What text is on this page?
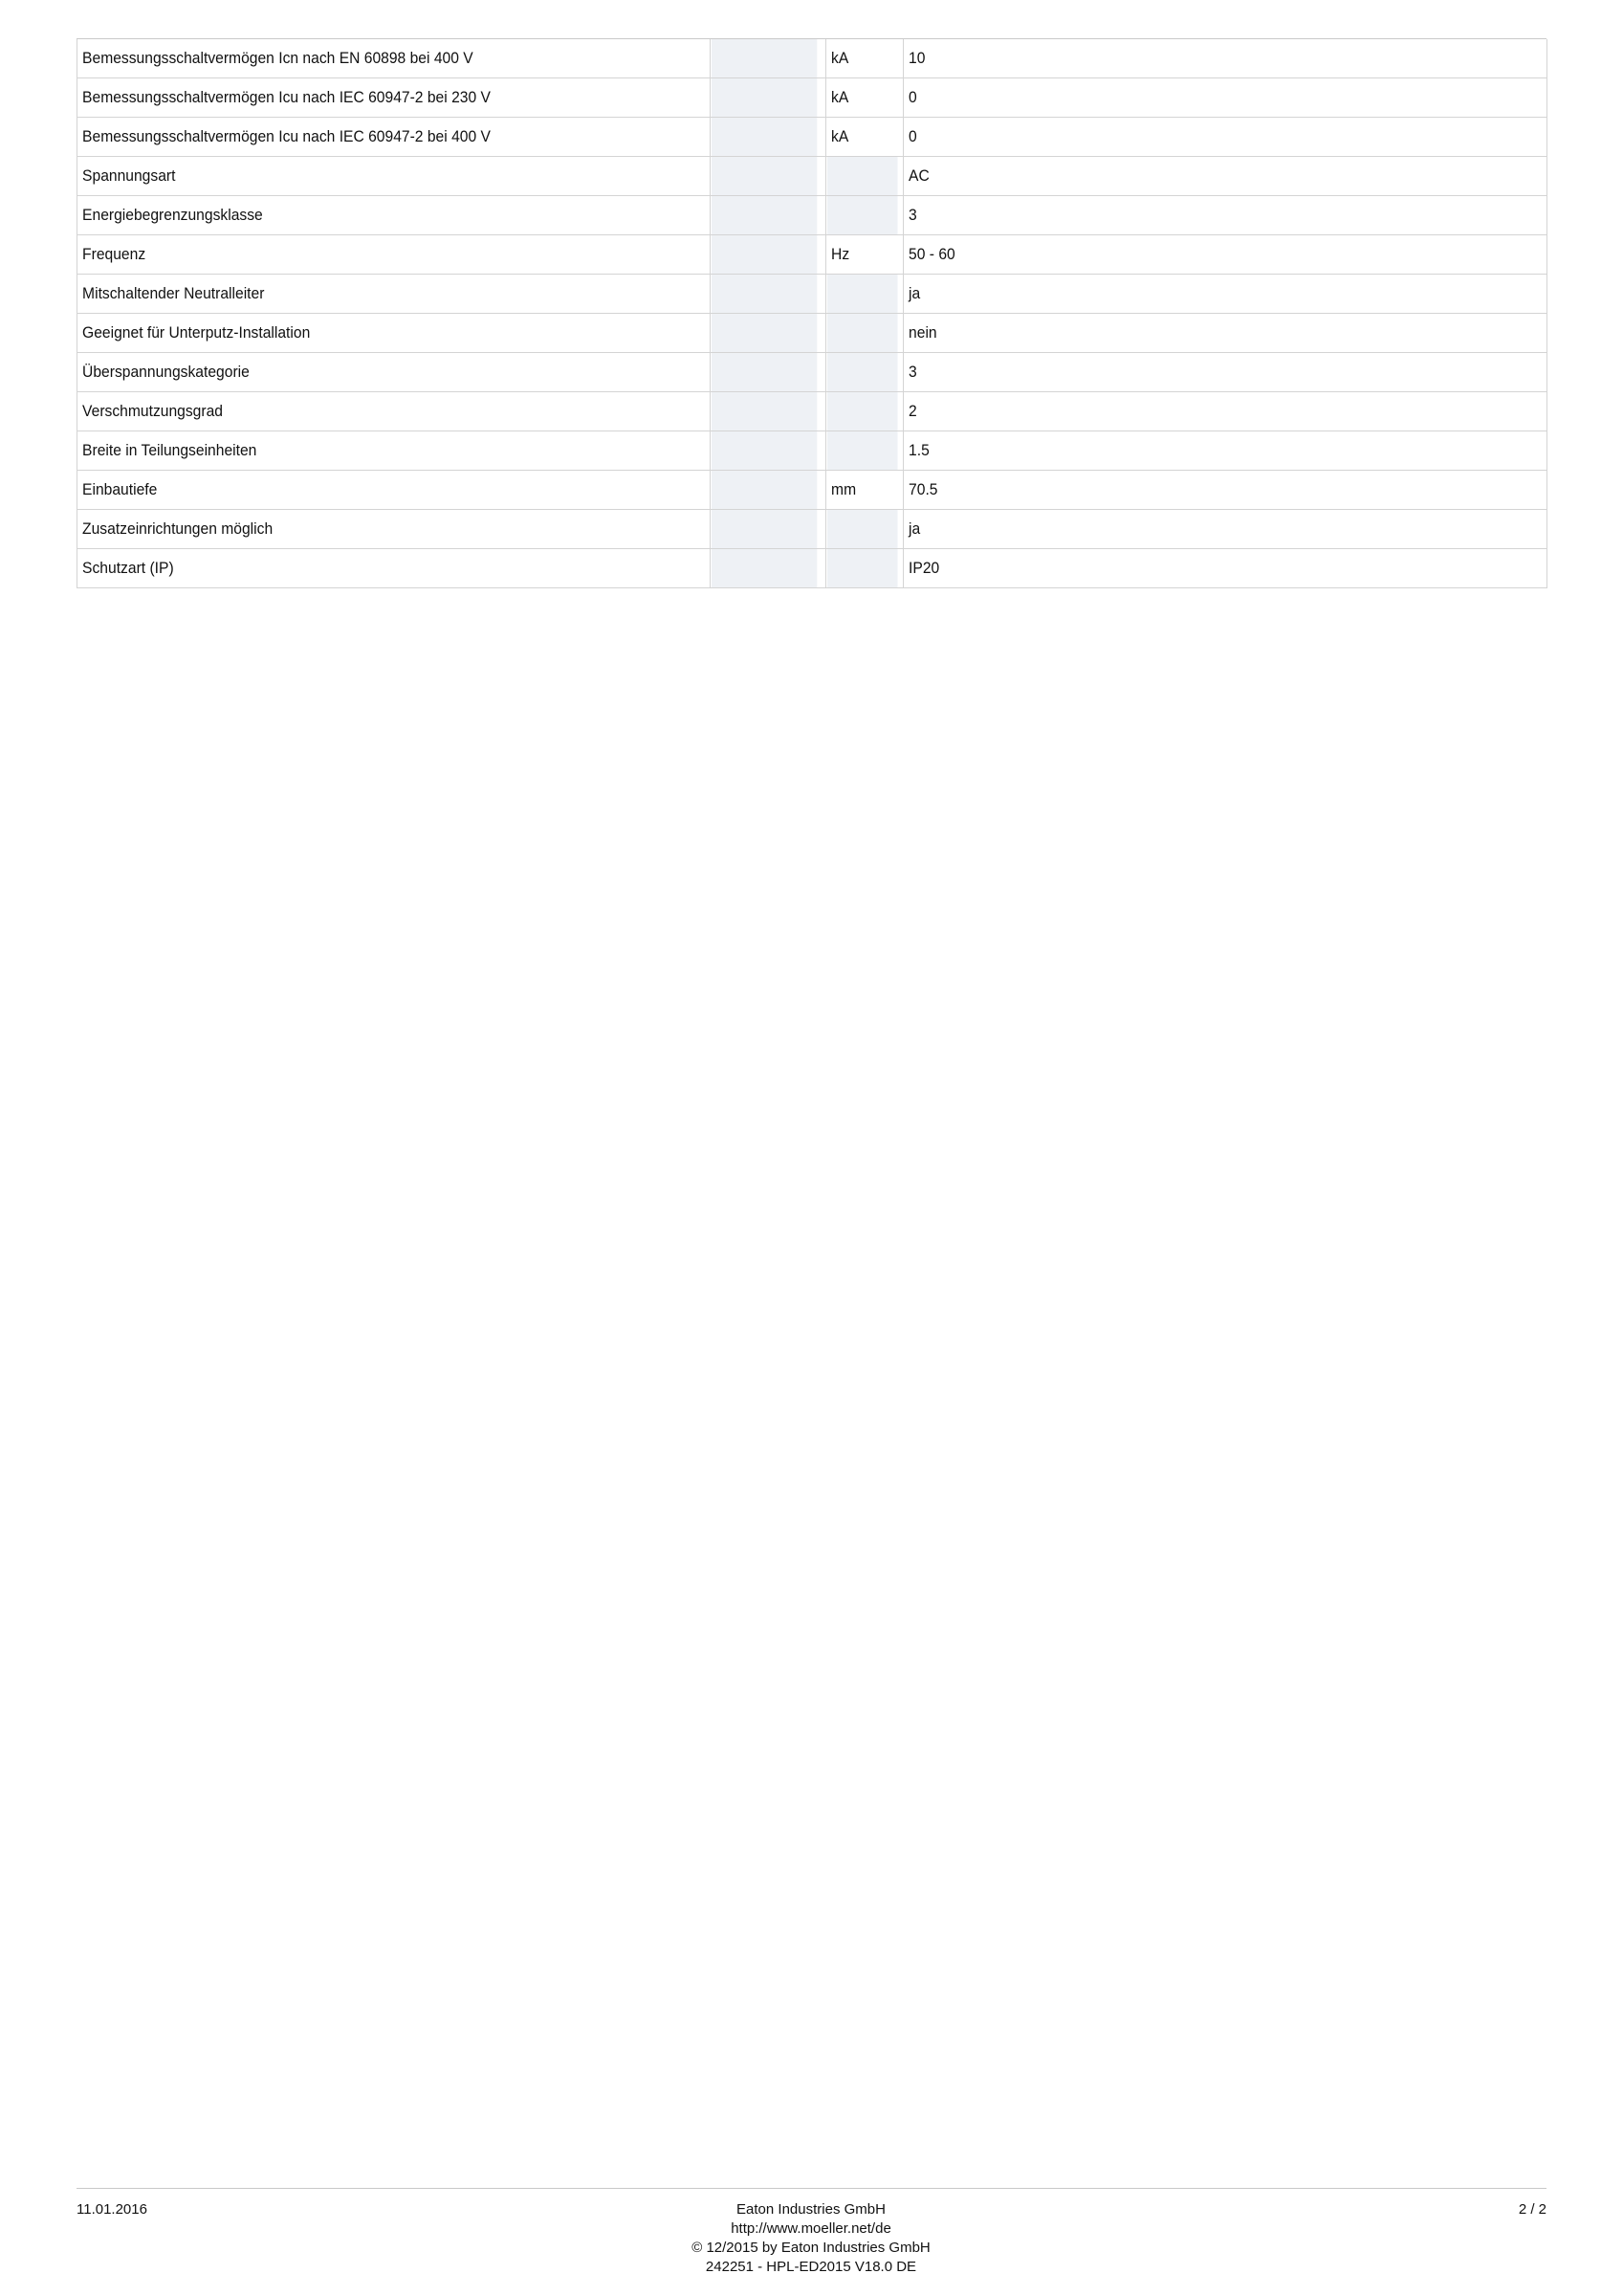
Bemessungsschaltvermögen Icn nach EN 60898 bei 400 V		kA	10
Bemessungsschaltvermögen Icu nach IEC 60947-2 bei 230 V		kA	0
Bemessungsschaltvermögen Icu nach IEC 60947-2 bei 400 V		kA	0
Spannungsart			AC
Energiebegrenzungsklasse			3
Frequenz		Hz	50 - 60
Mitschaltender Neutralleiter			ja
Geeignet für Unterputz-Installation			nein
Überspannungskategorie			3
Verschmutzungsgrad			2
Breite in Teilungseinheiten			1.5
Einbautiefe		mm	70.5
Zusatzeinrichtungen möglich			ja
Schutzart (IP)			IP20
11.01.2016	Eaton Industries GmbH
http://www.moeller.net/de
© 12/2015 by Eaton Industries GmbH
242251 - HPL-ED2015 V18.0 DE
2 / 2
